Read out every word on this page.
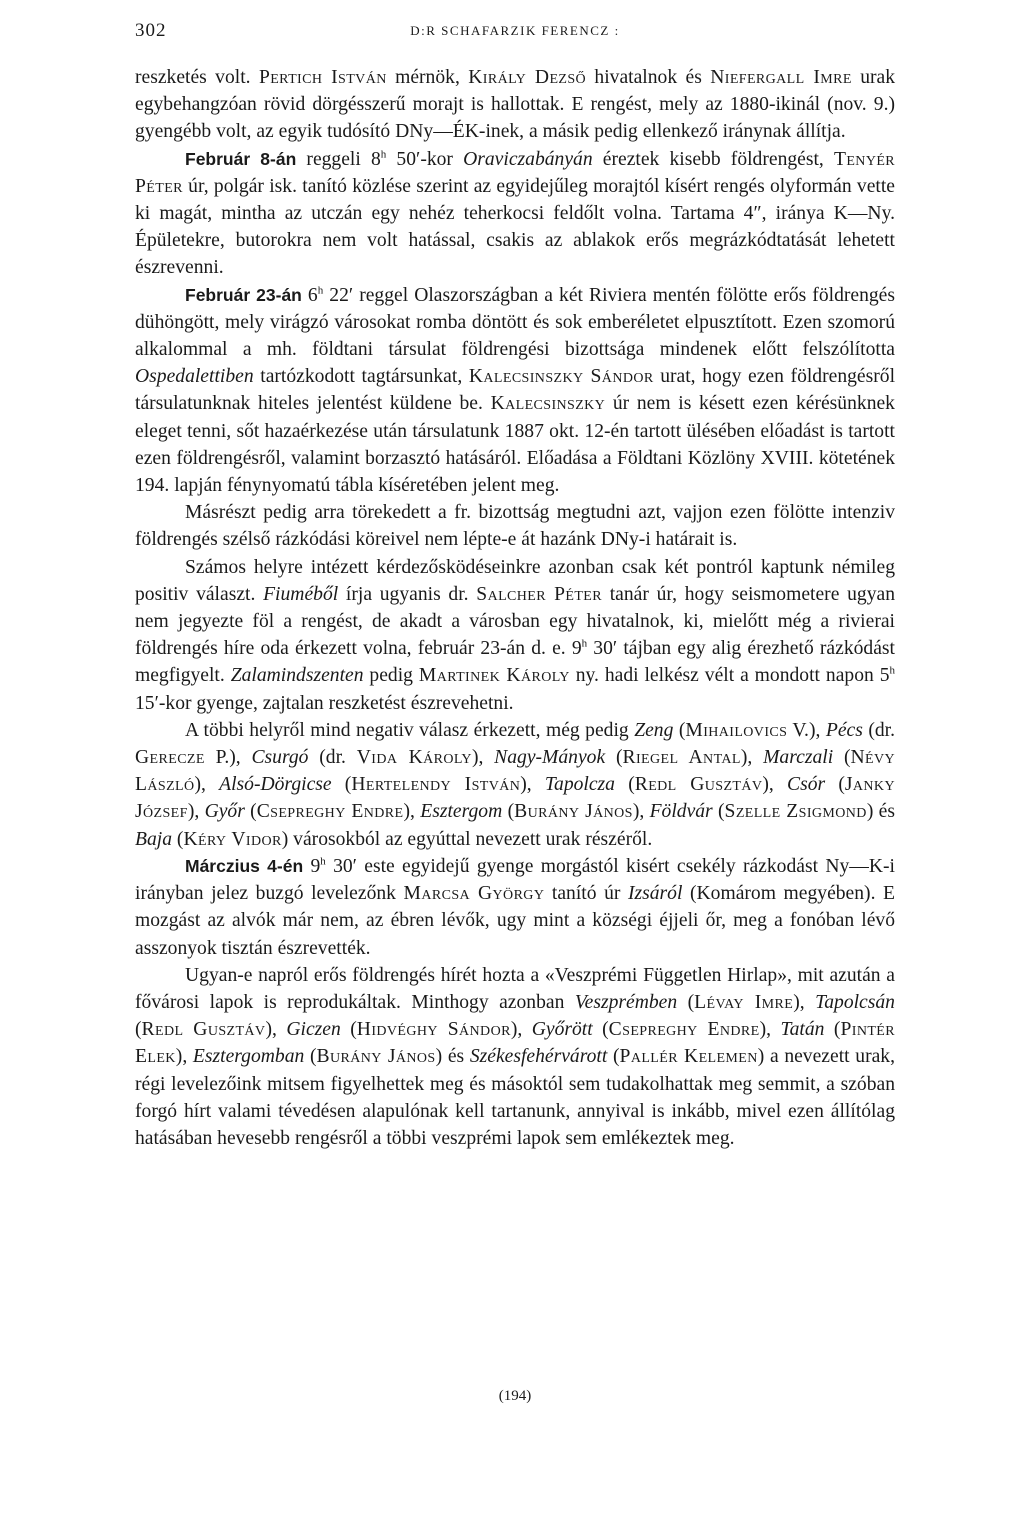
302	D:R SCHAFARZIK FERENCZ :

reszketés volt. Pertich István mérnök, Király Dezső hivatalnok és Niefergall Imre urak egybehangzóan rövid dörgésszerű morajt is hallottak. E rengést, mely az 1880-ikinál (nov. 9.) gyengébb volt, az egyik tudósító DNy—ÉK-inek, a másik pedig ellenkező iránynak állítja.

Február 8-án reggeli 8$^h$ 50′-kor Oraviczabányán éreztek kisebb földrengést, Tenyér Péter úr, polgár isk. tanító közlése szerint az egyidejűleg morajtól kísért rengés olyformán vette ki magát, mintha az utczán egy nehéz teherkocsi feldőlt volna. Tartama 4″, iránya K—Ny. Épületekre, butorokra nem volt hatással, csakis az ablakok erős megrázkódtatását lehetett észrevenni.

Február 23-án 6$^h$ 22′ reggel Olaszországban a két Riviera mentén fölötte erős földrengés dühöngött, mely virágzó városokat romba döntött és sok emberéletet elpusztított. Ezen szomorú alkalommal a mh. földtani társulat földrengési bizottsága mindenek előtt felszólította Ospedalettiben tartózkodott tagtársunkat, Kalecsinszky Sándor urat, hogy ezen földrengésről társulatunknak hiteles jelentést küldene be. Kalecsinszky úr nem is késett ezen kérésünknek eleget tenni, sőt hazaérkezése után társulatunk 1887 okt. 12-én tartott ülésében előadást is tartott ezen földrengésről, valamint borzasztó hatásáról. Előadása a Földtani Közlöny XVIII. kötetének 194. lapján fénynyomatú tábla kíséretében jelent meg.

Másrészt pedig arra törekedett a fr. bizottság megtudni azt, vajjon ezen fölötte intenziv földrengés szélső rázkódási köreivel nem lépte-e át hazánk DNy-i határait is.

Számos helyre intézett kérdezősködéseinkre azonban csak két pontról kaptunk némileg positiv választ. Fiuméből írja ugyanis dr. Salcher Péter tanár úr, hogy seismometere ugyan nem jegyezte föl a rengést, de akadt a városban egy hivatalnok, ki, mielőtt még a rivierai földrengés híre oda érkezett volna, február 23-án d. e. 9$^h$ 30′ tájban egy alig érezhető rázkódást megfigyelt. Zalamindszenten pedig Martinek Károly ny. hadi lelkész vélt a mondott napon 5$^h$ 15′-kor gyenge, zajtalan reszketést észrevehetni.

A többi helyről mind negativ válasz érkezett, még pedig Zeng (Mihailovics V.), Pécs (dr. Gerecze P.), Csurgó (dr. Vida Károly), Nagy-Mányok (Riegel Antal), Marczali (Névy László), Alsó-Dörgicse (Hertelendy István), Tapolcza (Redl Gusztáv), Csór (Janky József), Győr (Csepreghy Endre), Esztergom (Burány János), Földvár (Szelle Zsigmond) és Baja (Kéry Vidor) városokból az egyúttal nevezett urak részéről.

Márczius 4-én 9$^h$ 30′ este egyidejű gyenge morgástól kisért csekély rázkodást Ny—K-i irányban jelez buzgó levelezőnk Marcsa György tanító úr Izsáról (Komárom megyében). E mozgást az alvók már nem, az ébren lévők, ugy mint a községi éjjeli őr, meg a fonóban lévő asszonyok tisztán észrevették.

Ugyan-e napról erős földrengés hírét hozta a «Veszprémi Független Hirlap», mit azután a fővárosi lapok is reprodukáltak. Minthogy azonban Veszprémben (Lévay Imre), Tapolcsán (Redl Gusztáv), Giczen (Hidvéghy Sándor), Győrött (Csepreghy Endre), Tatán (Pintér Elek), Esztergomban (Burány János) és Székesfehérvárott (Pallér Kelemen) a nevezett urak, régi levelezőink mitsem figyelhettek meg és másoktól sem tudakolhattak meg semmit, a szóban forgó hírt valami tévedésen alapulónak kell tartanunk, annyival is inkább, mivel ezen állítólag hatásában hevesebb rengésről a többi veszprémi lapok sem emlékeztek meg.

(194)
